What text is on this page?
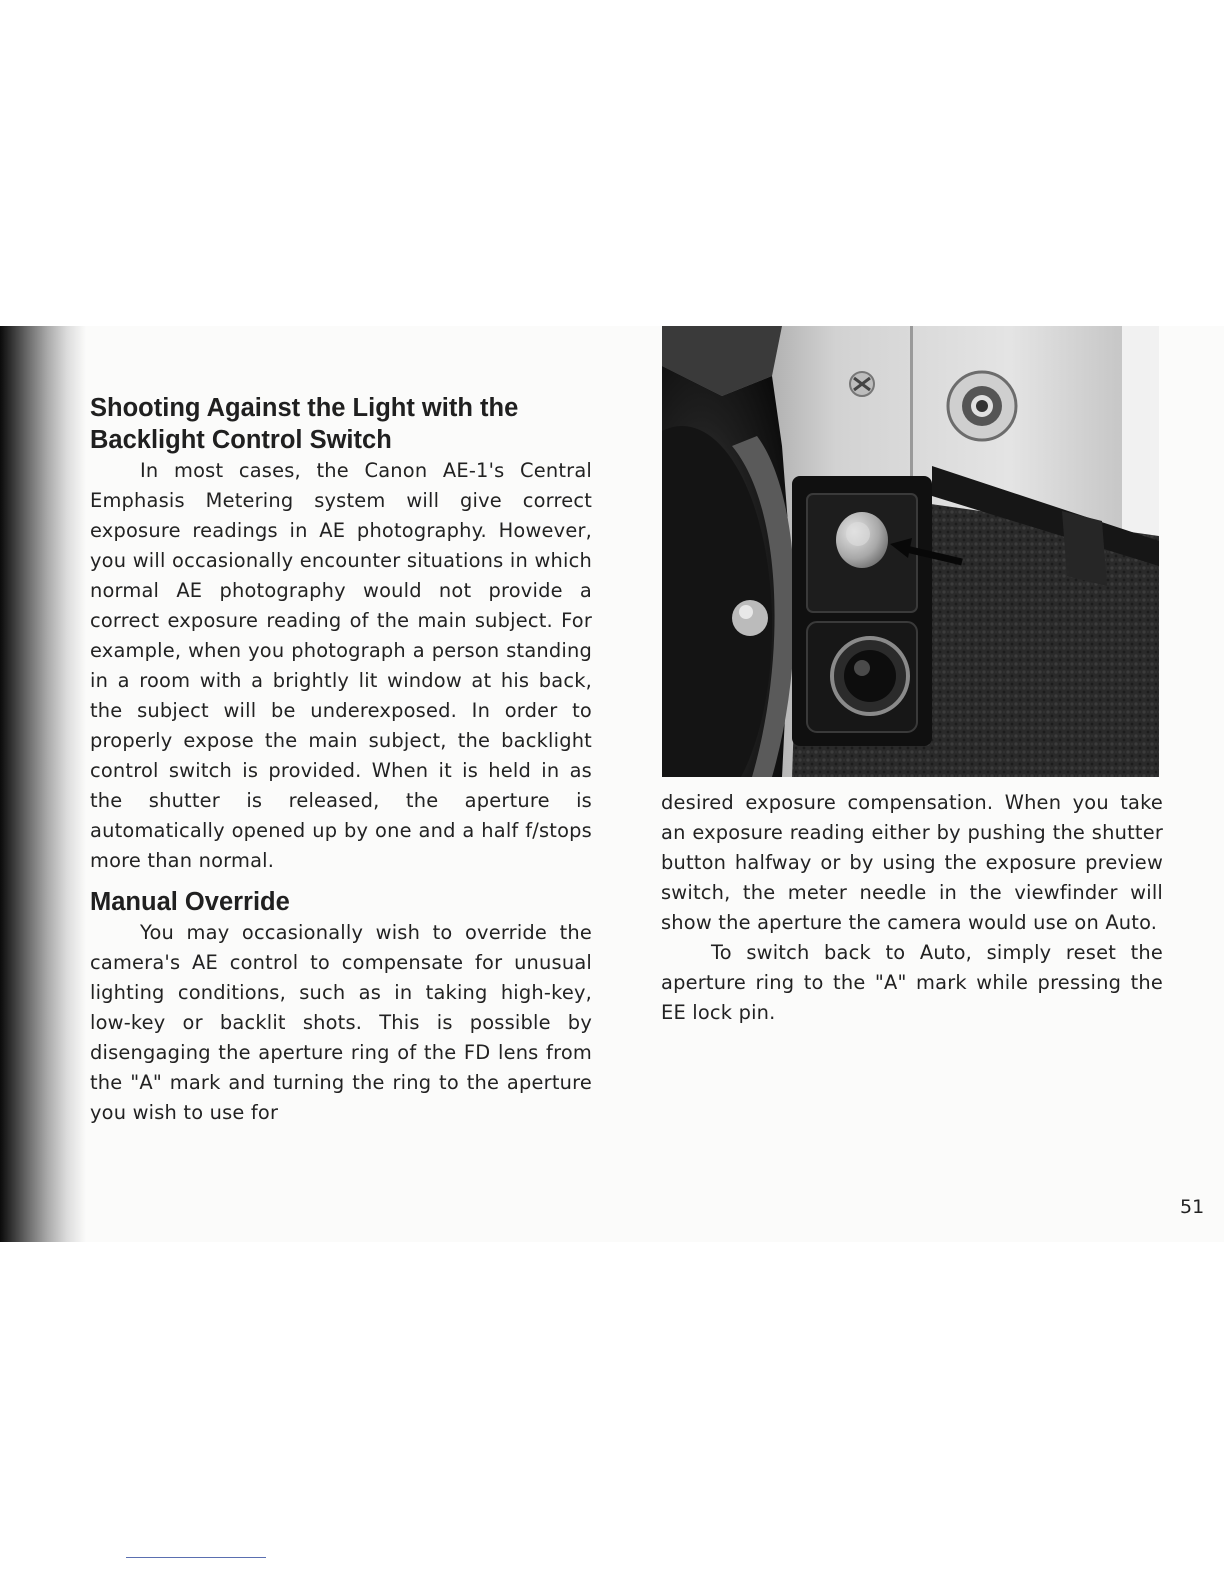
Shooting Against the Light with the
Backlight Control Switch

In most cases, the Canon AE-1's Central Emphasis Metering system will give correct exposure readings in AE photography. However, you will occasionally encounter situations in which normal AE photography would not provide a correct exposure reading of the main subject. For example, when you photograph a person standing in a room with a brightly lit window at his back, the subject will be underexposed. In order to properly expose the main subject, the backlight control switch is provided. When it is held in as the shutter is released, the aperture is automatically opened up by one and a half f/stops more than normal.

Manual Override

You may occasionally wish to override the camera's AE control to compensate for unusual lighting conditions, such as in taking high-key, low-key or backlit shots. This is possible by disengaging the aperture ring of the FD lens from the "A" mark and turning the ring to the aperture you wish to use for

desired exposure compensation. When you take an exposure reading either by pushing the shutter button halfway or by using the exposure preview switch, the meter needle in the viewfinder will show the aperture the camera would use on Auto.

To switch back to Auto, simply reset the aperture ring to the "A" mark while pressing the EE lock pin.

51
